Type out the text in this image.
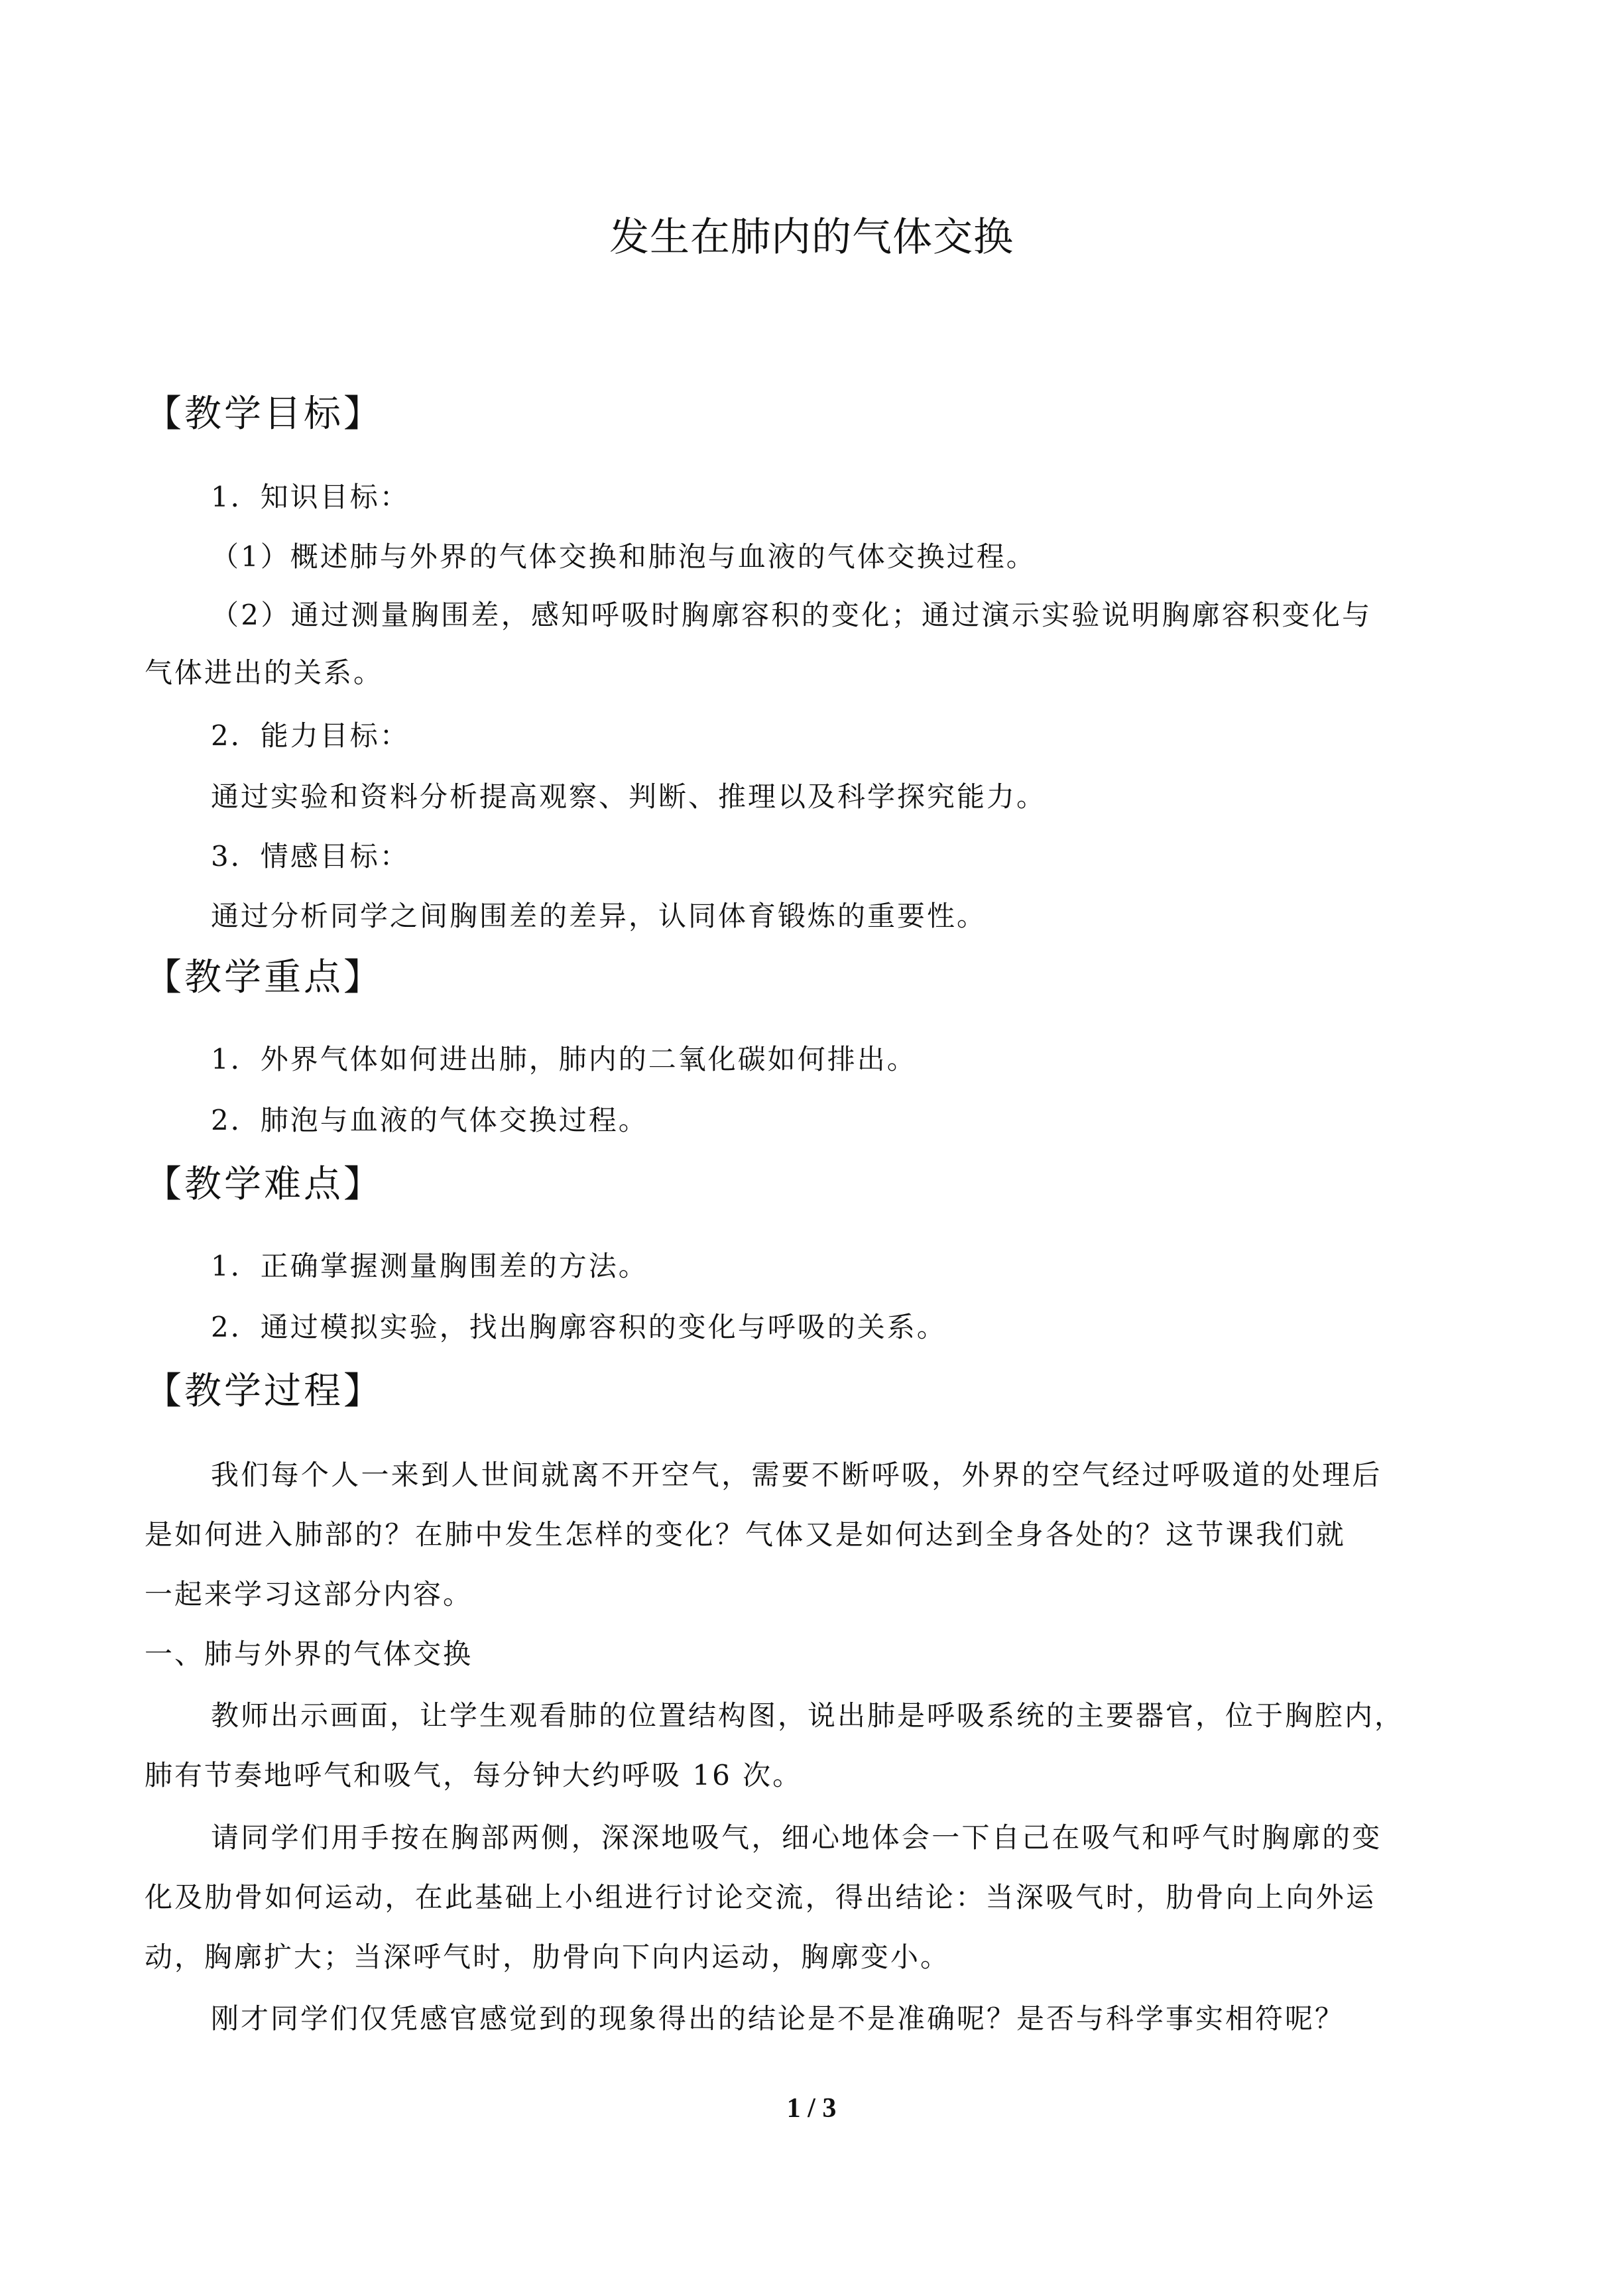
发生在肺内的气体交换
【教学目标】
1．知识目标：
（1）概述肺与外界的气体交换和肺泡与血液的气体交换过程。
（2）通过测量胸围差，感知呼吸时胸廓容积的变化；通过演示实验说明胸廓容积变化与
气体进出的关系。
2．能力目标：
通过实验和资料分析提高观察、判断、推理以及科学探究能力。
3．情感目标：
通过分析同学之间胸围差的差异，认同体育锻炼的重要性。
【教学重点】
1．外界气体如何进出肺，肺内的二氧化碳如何排出。
2．肺泡与血液的气体交换过程。
【教学难点】
1．正确掌握测量胸围差的方法。
2．通过模拟实验，找出胸廓容积的变化与呼吸的关系。
【教学过程】
我们每个人一来到人世间就离不开空气，需要不断呼吸，外界的空气经过呼吸道的处理后
是如何进入肺部的？在肺中发生怎样的变化？气体又是如何达到全身各处的？这节课我们就
一起来学习这部分内容。
一、肺与外界的气体交换
教师出示画面，让学生观看肺的位置结构图，说出肺是呼吸系统的主要器官，位于胸腔内，
肺有节奏地呼气和吸气，每分钟大约呼吸 16 次。
请同学们用手按在胸部两侧，深深地吸气，细心地体会一下自己在吸气和呼气时胸廓的变
化及肋骨如何运动，在此基础上小组进行讨论交流，得出结论：当深吸气时，肋骨向上向外运
动，胸廓扩大；当深呼气时，肋骨向下向内运动，胸廓变小。
刚才同学们仅凭感官感觉到的现象得出的结论是不是准确呢？是否与科学事实相符呢？
1 / 3
